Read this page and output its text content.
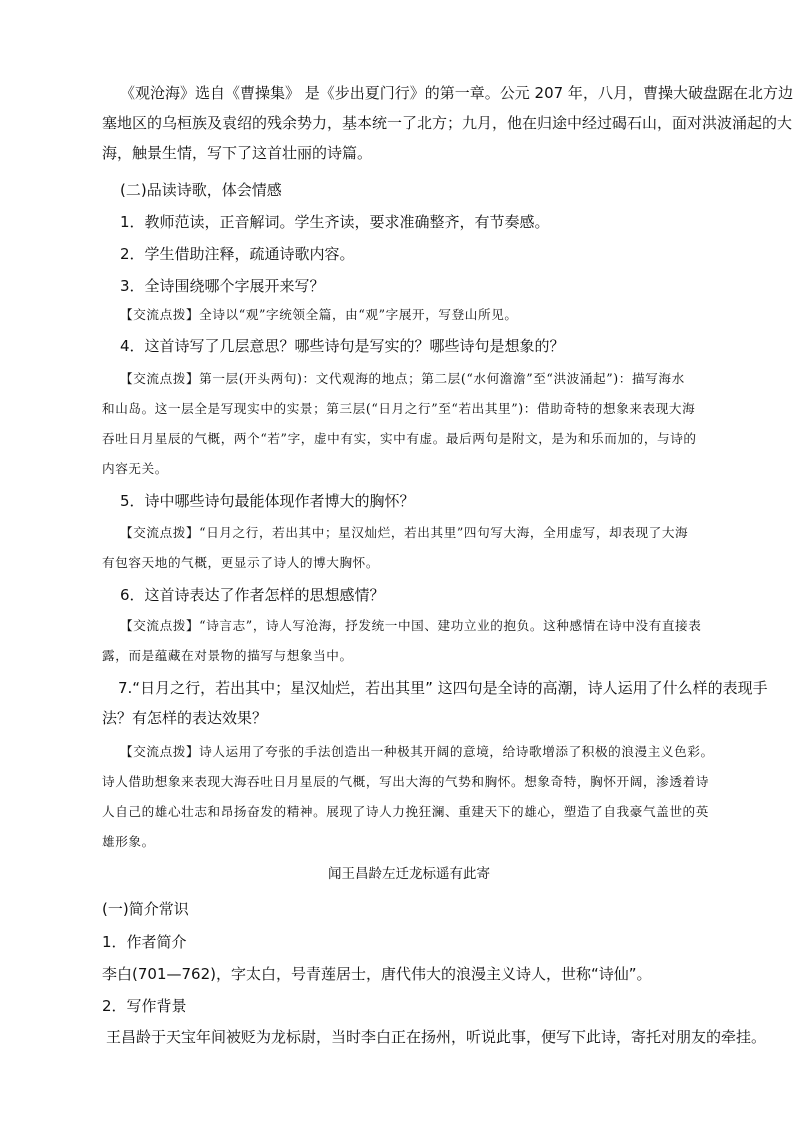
《观沧海》选自《曹操集》 是《步出夏门行》的第一章。公元 207 年，八月，曹操大破盘踞在北方边
塞地区的乌桓族及袁绍的残余势力，基本统一了北方；九月，他在归途中经过碣石山，面对洪波涌起的大
海，触景生情，写下了这首壮丽的诗篇。

(二)品读诗歌，体会情感

1．教师范读，正音解词。学生齐读，要求准确整齐，有节奏感。

2．学生借助注释，疏通诗歌内容。

3．全诗围绕哪个字展开来写？

【交流点拨】全诗以“观”字统领全篇，由“观”字展开，写登山所见。

4．这首诗写了几层意思？哪些诗句是写实的？哪些诗句是想象的？

【交流点拨】第一层(开头两句)：文代观海的地点；第二层(“水何澹澹”至“洪波涌起”)：描写海水
和山岛。这一层全是写现实中的实景；第三层(“日月之行”至“若出其里”)：借助奇特的想象来表现大海
吞吐日月星辰的气概，两个“若”字，虚中有实，实中有虚。最后两句是附文，是为和乐而加的，与诗的
内容无关。

5．诗中哪些诗句最能体现作者博大的胸怀？

【交流点拨】“日月之行，若出其中；星汉灿烂，若出其里”四句写大海，全用虚写，却表现了大海
有包容天地的气概，更显示了诗人的博大胸怀。

6．这首诗表达了作者怎样的思想感情？

【交流点拨】“诗言志”，诗人写沧海，抒发统一中国、建功立业的抱负。这种感情在诗中没有直接表
露，而是蕴藏在对景物的描写与想象当中。
7.“日月之行，若出其中；星汉灿烂，若出其里” 这四句是全诗的高潮，诗人运用了什么样的表现手
法？有怎样的表达效果？
【交流点拨】诗人运用了夸张的手法创造出一种极其开阔的意境，给诗歌增添了积极的浪漫主义色彩。
诗人借助想象来表现大海吞吐日月星辰的气概，写出大海的气势和胸怀。想象奇特，胸怀开阔，渗透着诗
人自己的雄心壮志和昂扬奋发的精神。展现了诗人力挽狂澜、重建天下的雄心，塑造了自我豪气盖世的英
雄形象。

闻王昌龄左迁龙标遥有此寄

(一)简介常识

1．作者简介

李白(701—762)，字太白，号青莲居士，唐代伟大的浪漫主义诗人，世称“诗仙”。

2．写作背景

王昌龄于天宝年间被贬为龙标尉，当时李白正在扬州，听说此事，便写下此诗，寄托对朋友的牵挂。
